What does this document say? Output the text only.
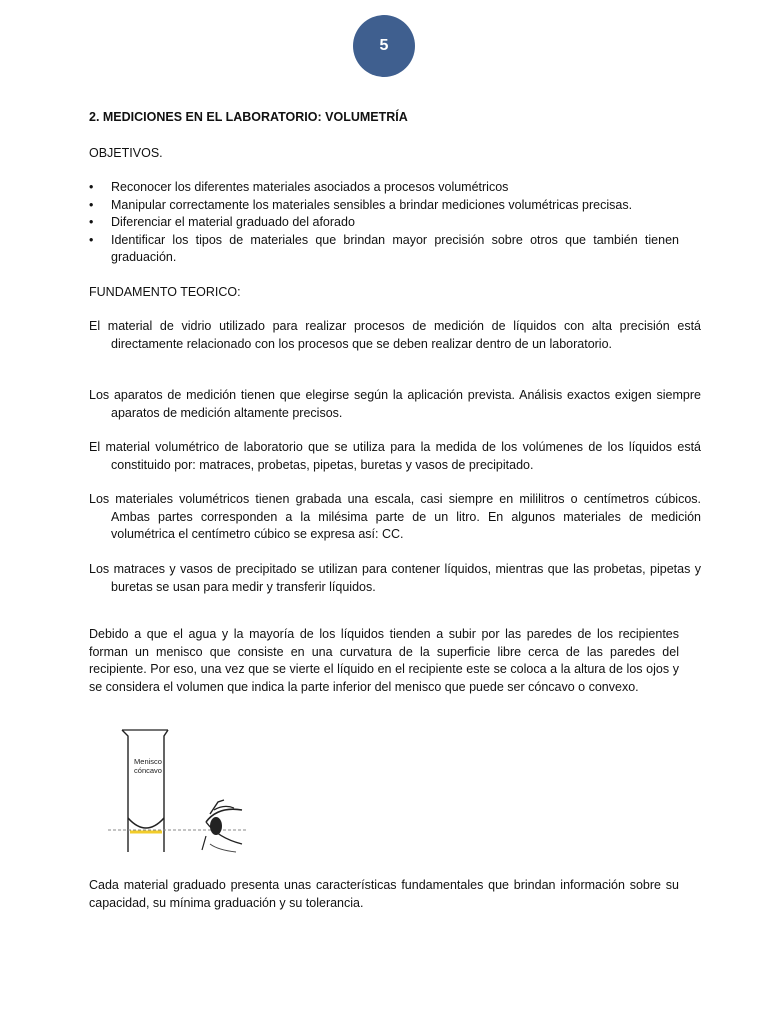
5
2. MEDICIONES EN EL LABORATORIO: VOLUMETRÍA
OBJETIVOS.
• Reconocer los diferentes materiales asociados a procesos volumétricos
• Manipular correctamente los materiales sensibles a brindar mediciones volumétricas precisas.
• Diferenciar el material graduado del aforado
• Identificar los tipos de materiales que brindan mayor precisión sobre otros que también tienen graduación.
FUNDAMENTO TEORICO:
El material de vidrio utilizado para realizar procesos de medición de líquidos con alta precisión está directamente relacionado con los procesos que se deben realizar dentro de un laboratorio.
Los aparatos de medición tienen que elegirse según la aplicación prevista. Análisis exactos exigen siempre aparatos de medición altamente precisos.
El material volumétrico de laboratorio que se utiliza para la medida de los volúmenes de los líquidos está constituido por: matraces, probetas, pipetas, buretas y vasos de precipitado.
Los materiales volumétricos tienen grabada una escala, casi siempre en mililitros o centímetros cúbicos. Ambas partes corresponden a la milésima parte de un litro. En algunos materiales de medición volumétrica el centímetro cúbico se expresa así: CC.
Los matraces y vasos de precipitado se utilizan para contener líquidos, mientras que las probetas, pipetas y buretas se usan para medir y transferir líquidos.
Debido a que el agua y la mayoría de los líquidos tienden a subir por las paredes de los recipientes forman un menisco que consiste en una curvatura de la superficie libre cerca de las paredes del recipiente. Por eso, una vez que se vierte el líquido en el recipiente este se coloca a la altura de los ojos y se considera el volumen que indica la parte inferior del menisco que puede ser cóncavo o convexo.
Menisco
cóncavo
Cada material graduado presenta unas características fundamentales que brindan información sobre su capacidad, su mínima graduación y su tolerancia.
